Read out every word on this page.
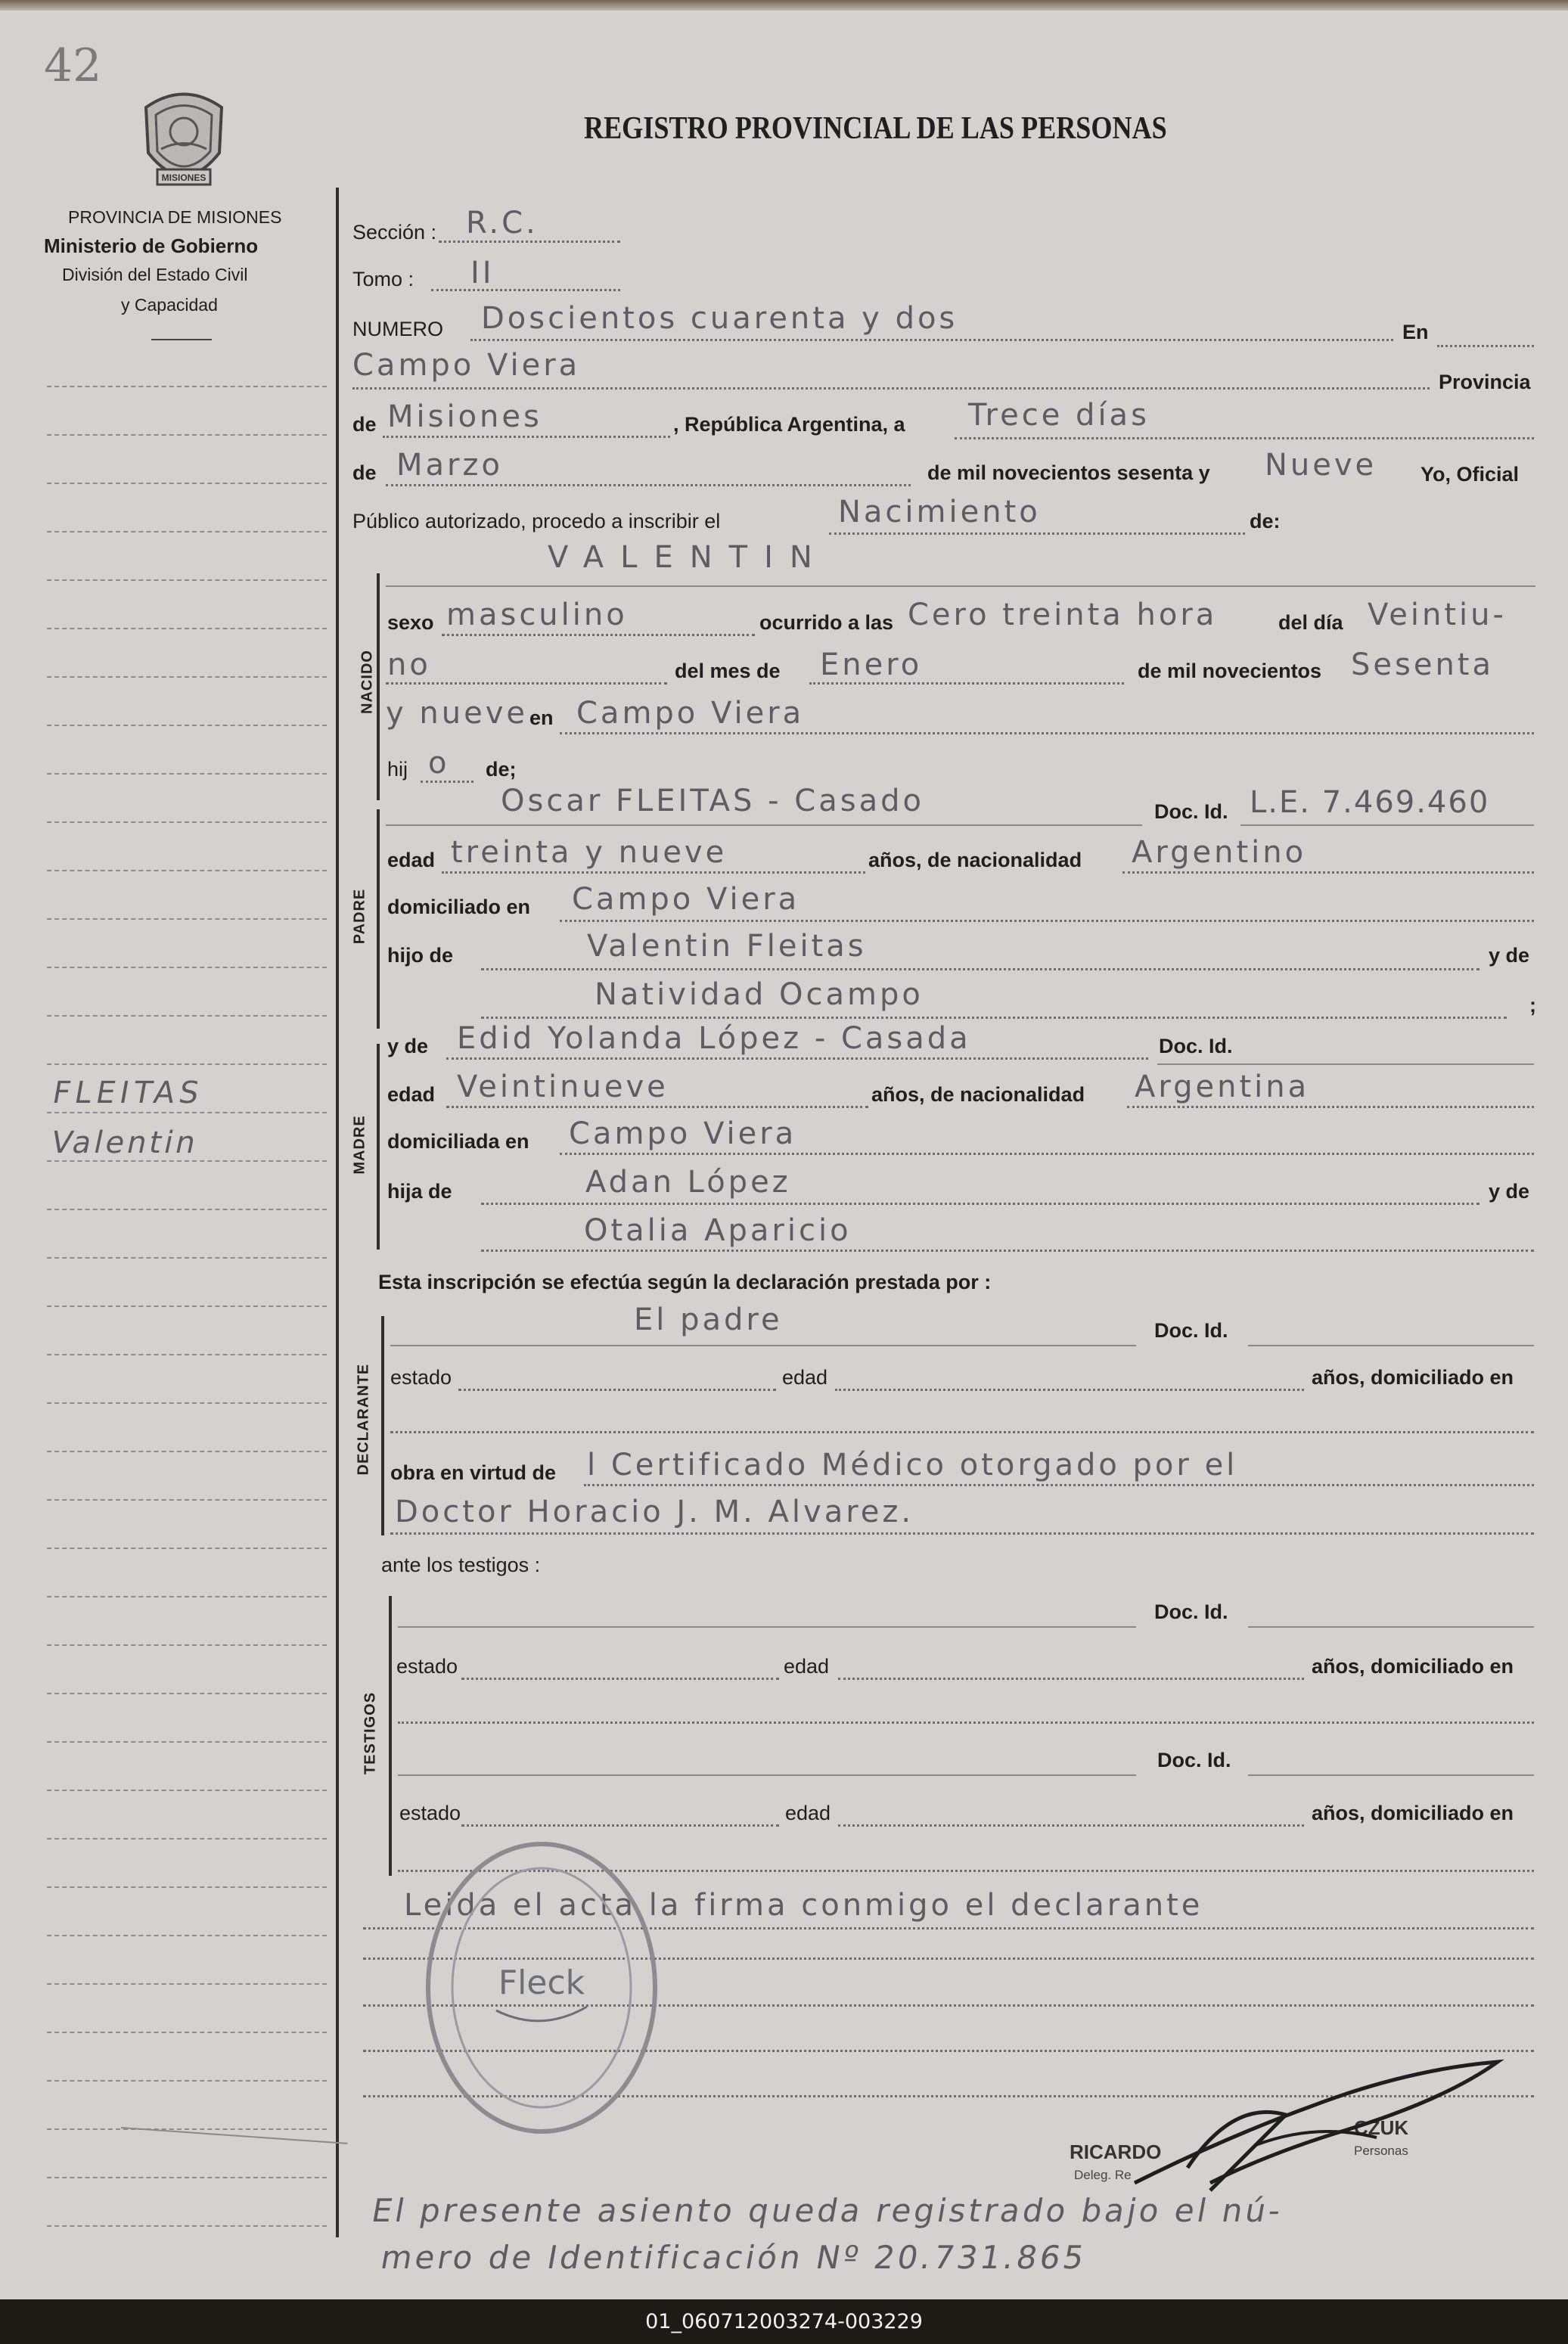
42
MISIONES
PROVINCIA DE MISIONES
Ministerio de Gobierno
División del Estado Civil
y Capacidad
REGISTRO PROVINCIAL DE LAS PERSONAS
FLEITAS
Valentin
Sección : R.C.
Tomo : II
NUMERO Doscientos cuarenta y dos	En
Campo Viera	Provincia
de Misiones	, República Argentina, a Trece días
de Marzo	de mil novecientos sesenta y Nueve Yo, Oficial
Público autorizado, procedo a inscribir el	Nacimiento	de:
NACIDO
VALENTIN
sexo masculino	ocurrido a las Cero treinta hora	del día Veintiu-
no	del mes de Enero	de mil novecientos Sesenta
y nueve en Campo Viera
hij o de;
PADRE
Oscar FLEITAS - Casado	Doc. Id. L.E. 7.469.460
edad treinta y nueve	años, de nacionalidad Argentino
domiciliado en Campo Viera
hijo de	Valentin Fleitas	y de
Natividad Ocampo	;
MADRE
y de Edid Yolanda López - Casada	Doc. Id.
edad Veintinueve	años, de nacionalidad Argentina
domiciliada en Campo Viera
hija de	Adan López	y de
Otalia Aparicio
Esta inscripción se efectúa según la declaración prestada por :
DECLARANTE
El padre	Doc. Id.
estado	edad	años, domiciliado en
obra en virtud de l Certificado Médico otorgado por el
Doctor Horacio J. M. Alvarez.
ante los testigos :
TESTIGOS
Doc. Id.
estado	edad	años, domiciliado en
Doc. Id.
estado	edad	años, domiciliado en
Leida el acta la firma conmigo el declarante
Fleck
RICARDO
CZUK
Deleg. Re
Personas
El presente asiento queda registrado bajo el nú-
mero de Identificación Nº 20.731.865
01_060712003274-003229
